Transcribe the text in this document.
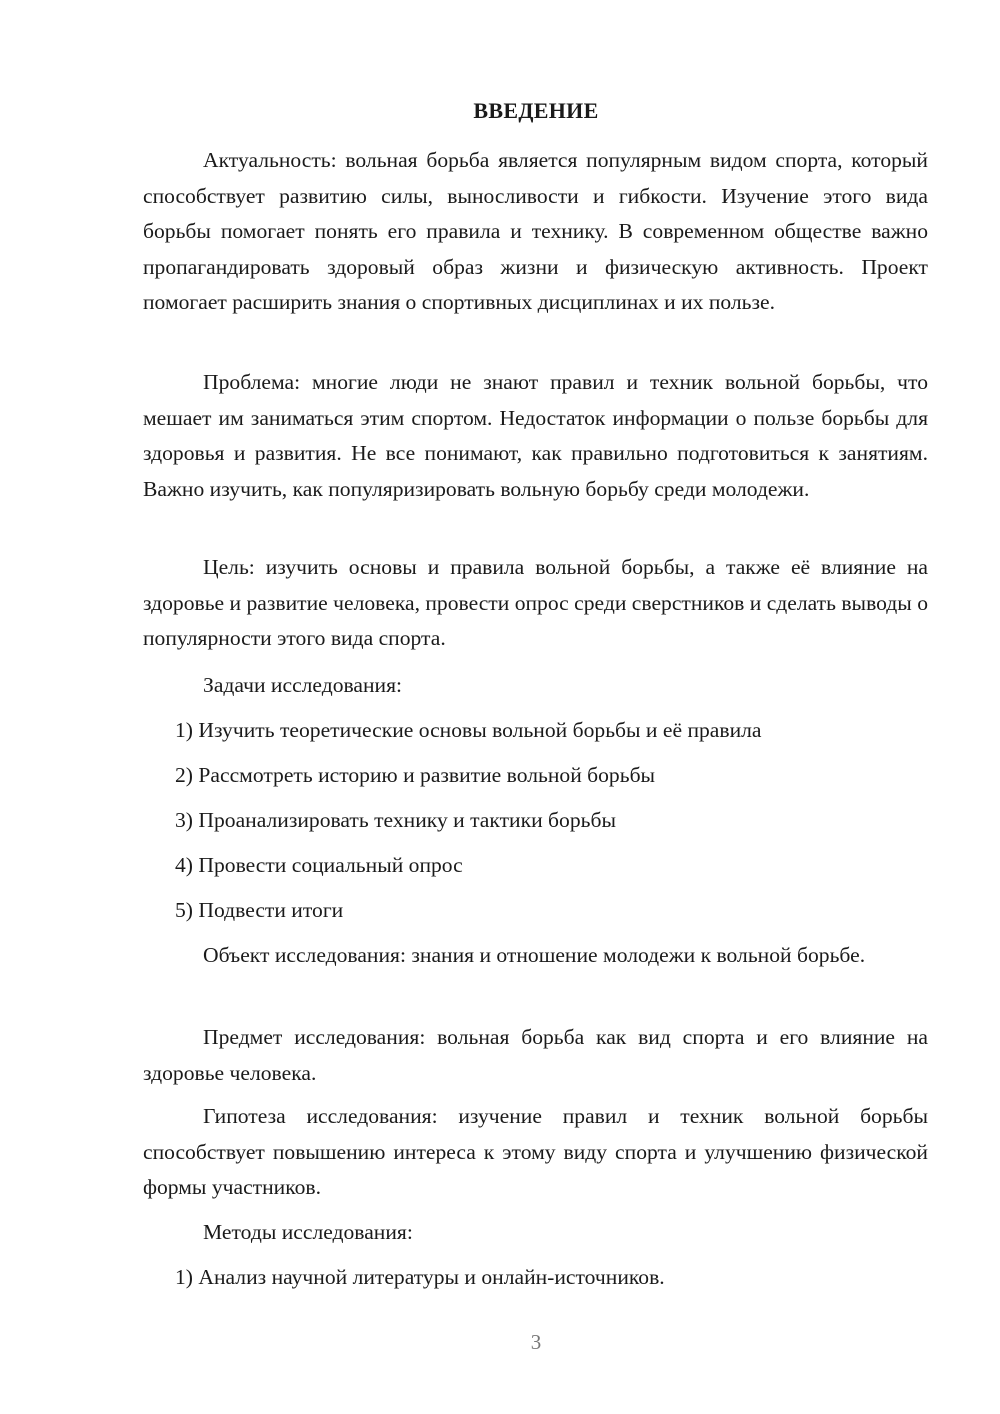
ВВЕДЕНИЕ

Актуальность: вольная борьба является популярным видом спорта, который способствует развитию силы, выносливости и гибкости. Изучение этого вида борьбы помогает понять его правила и технику. В современном обществе важно пропагандировать здоровый образ жизни и физическую активность. Проект помогает расширить знания о спортивных дисциплинах и их пользе.

Проблема: многие люди не знают правил и техник вольной борьбы, что мешает им заниматься этим спортом. Недостаток информации о пользе борьбы для здоровья и развития. Не все понимают, как правильно подготовиться к занятиям. Важно изучить, как популяризировать вольную борьбу среди молодежи.

Цель: изучить основы и правила вольной борьбы, а также её влияние на здоровье и развитие человека, провести опрос среди сверстников и сделать выводы о популярности этого вида спорта.

Задачи исследования:

1) Изучить теоретические основы вольной борьбы и её правила

2) Рассмотреть историю и развитие вольной борьбы

3) Проанализировать технику и тактики борьбы

4) Провести социальный опрос

5) Подвести итоги

Объект исследования: знания и отношение молодежи к вольной борьбе.

Предмет исследования: вольная борьба как вид спорта и его влияние на здоровье человека.

Гипотеза исследования: изучение правил и техник вольной борьбы способствует повышению интереса к этому виду спорта и улучшению физической формы участников.

Методы исследования:

1) Анализ научной литературы и онлайн-источников.

3
